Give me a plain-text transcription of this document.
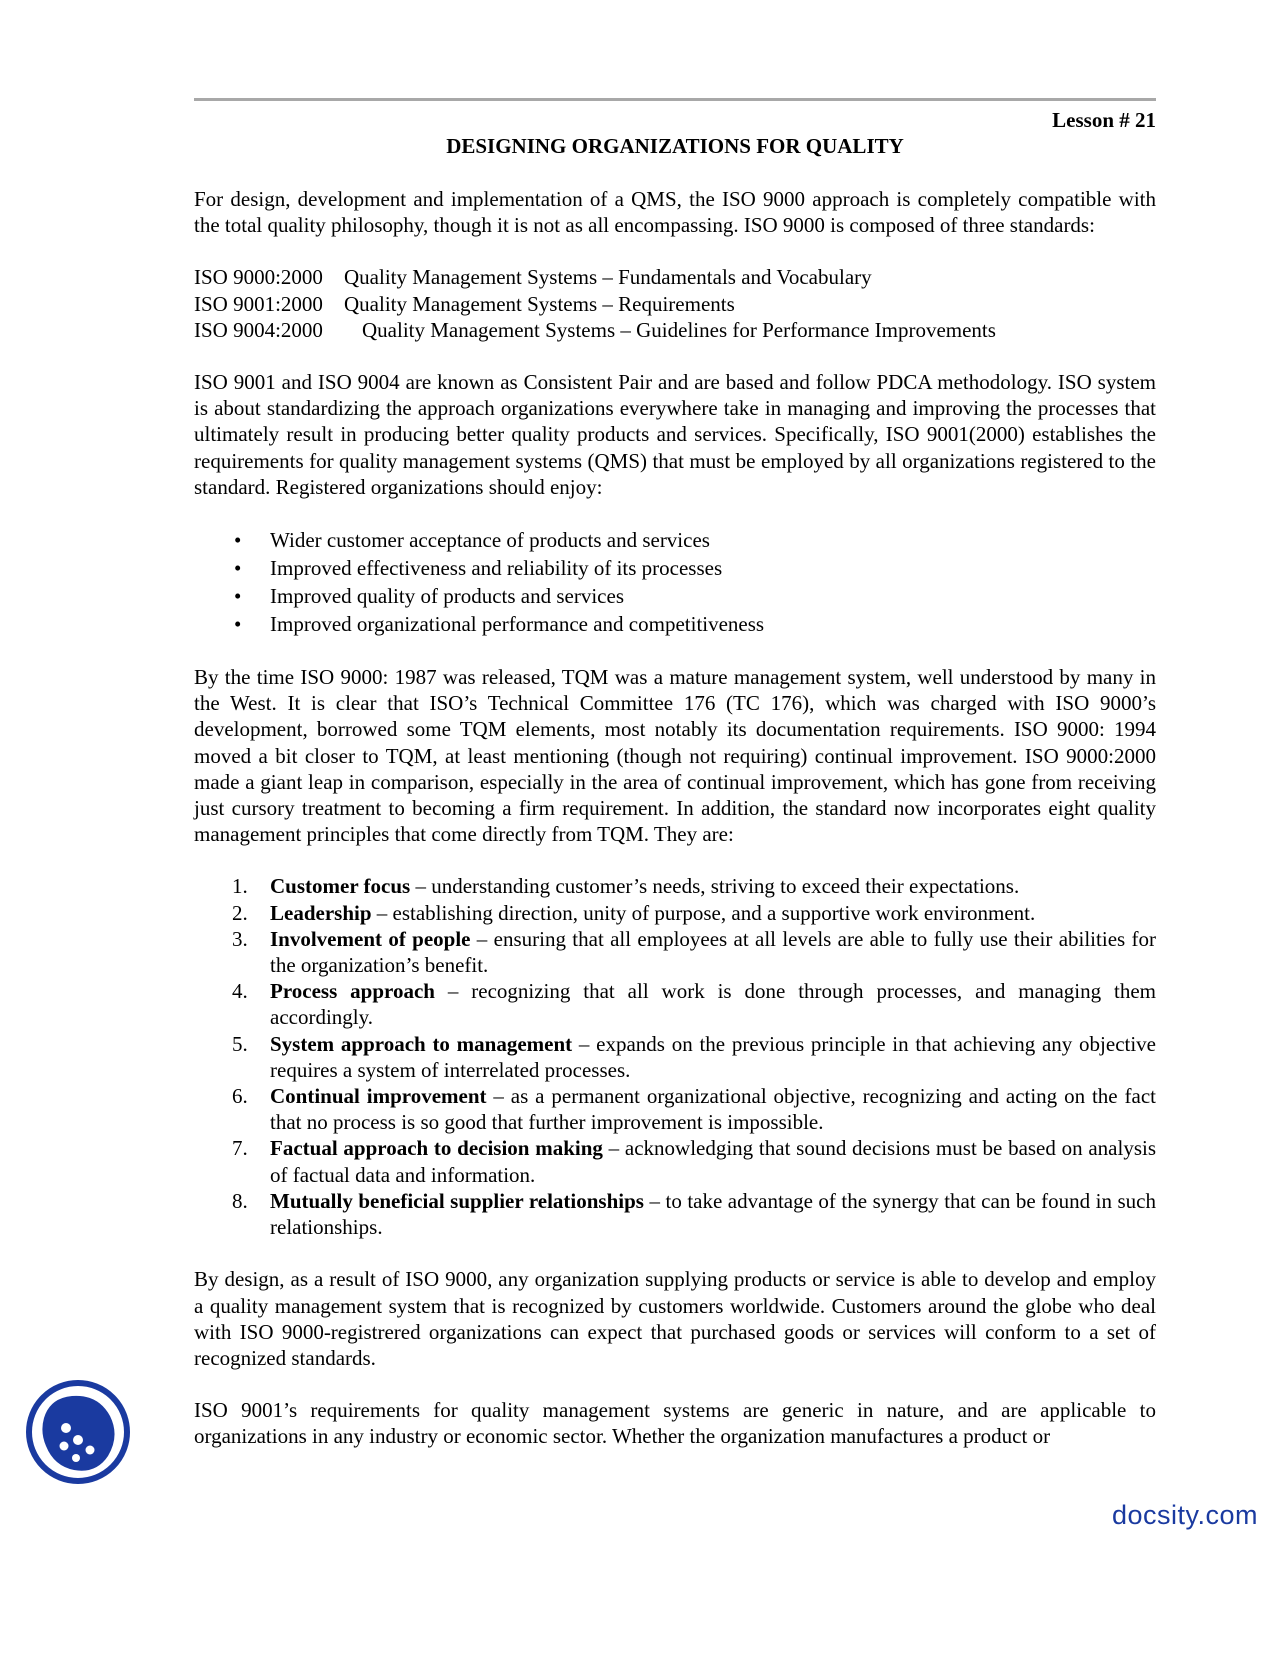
Lesson # 21
DESIGNING ORGANIZATIONS FOR QUALITY

For design, development and implementation of a QMS, the ISO 9000 approach is completely compatible with the total quality philosophy, though it is not as all encompassing. ISO 9000 is composed of three standards:

ISO 9000:2000 Quality Management Systems – Fundamentals and Vocabulary
ISO 9001:2000 Quality Management Systems – Requirements
ISO 9004:2000 Quality Management Systems – Guidelines for Performance Improvements

ISO 9001 and ISO 9004 are known as Consistent Pair and are based and follow PDCA methodology. ISO system is about standardizing the approach organizations everywhere take in managing and improving the processes that ultimately result in producing better quality products and services. Specifically, ISO 9001(2000) establishes the requirements for quality management systems (QMS) that must be employed by all organizations registered to the standard. Registered organizations should enjoy:

• Wider customer acceptance of products and services
• Improved effectiveness and reliability of its processes
• Improved quality of products and services
• Improved organizational performance and competitiveness

By the time ISO 9000: 1987 was released, TQM was a mature management system, well understood by many in the West. It is clear that ISO’s Technical Committee 176 (TC 176), which was charged with ISO 9000’s development, borrowed some TQM elements, most notably its documentation requirements. ISO 9000: 1994 moved a bit closer to TQM, at least mentioning (though not requiring) continual improvement. ISO 9000:2000 made a giant leap in comparison, especially in the area of continual improvement, which has gone from receiving just cursory treatment to becoming a firm requirement. In addition, the standard now incorporates eight quality management principles that come directly from TQM. They are:

1. Customer focus – understanding customer’s needs, striving to exceed their expectations.
2. Leadership – establishing direction, unity of purpose, and a supportive work environment.
3. Involvement of people – ensuring that all employees at all levels are able to fully use their abilities for the organization’s benefit.
4. Process approach – recognizing that all work is done through processes, and managing them accordingly.
5. System approach to management – expands on the previous principle in that achieving any objective requires a system of interrelated processes.
6. Continual improvement – as a permanent organizational objective, recognizing and acting on the fact that no process is so good that further improvement is impossible.
7. Factual approach to decision making – acknowledging that sound decisions must be based on analysis of factual data and information.
8. Mutually beneficial supplier relationships – to take advantage of the synergy that can be found in such relationships.

By design, as a result of ISO 9000, any organization supplying products or service is able to develop and employ a quality management system that is recognized by customers worldwide. Customers around the globe who deal with ISO 9000-registrered organizations can expect that purchased goods or services will conform to a set of recognized standards.

ISO 9001’s requirements for quality management systems are generic in nature, and are applicable to organizations in any industry or economic sector. Whether the organization manufactures a product or

docsity.com
